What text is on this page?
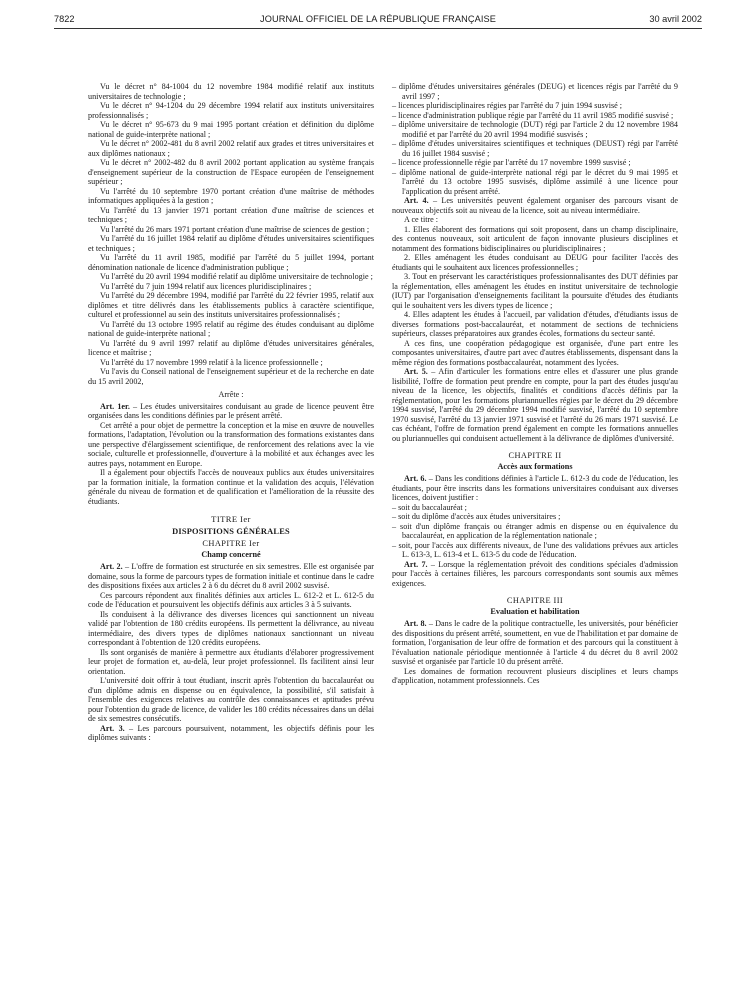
7822	JOURNAL OFFICIEL DE LA RÉPUBLIQUE FRANÇAISE	30 avril 2002

Vu le décret n° 84-1004 du 12 novembre 1984 modifié relatif aux instituts universitaires de technologie ;

Vu le décret n° 94-1204 du 29 décembre 1994 relatif aux instituts universitaires professionnalisés ;

Vu le décret n° 95-673 du 9 mai 1995 portant création et définition du diplôme national de guide-interprète national ;

Vu le décret n° 2002-481 du 8 avril 2002 relatif aux grades et titres universitaires et aux diplômes nationaux ;

Vu le décret n° 2002-482 du 8 avril 2002 portant application au système français d'enseignement supérieur de la construction de l'Espace européen de l'enseignement supérieur ;

Vu l'arrêté du 10 septembre 1970 portant création d'une maîtrise de méthodes informatiques appliquées à la gestion ;

Vu l'arrêté du 13 janvier 1971 portant création d'une maîtrise de sciences et techniques ;

Vu l'arrêté du 26 mars 1971 portant création d'une maîtrise de sciences de gestion ;

Vu l'arrêté du 16 juillet 1984 relatif au diplôme d'études universitaires scientifiques et techniques ;

Vu l'arrêté du 11 avril 1985, modifié par l'arrêté du 5 juillet 1994, portant dénomination nationale de licence d'administration publique ;

Vu l'arrêté du 20 avril 1994 modifié relatif au diplôme universitaire de technologie ;

Vu l'arrêté du 7 juin 1994 relatif aux licences pluridisciplinaires ;

Vu l'arrêté du 29 décembre 1994, modifié par l'arrêté du 22 février 1995, relatif aux diplômes et titre délivrés dans les établissements publics à caractère scientifique, culturel et professionnel au sein des instituts universitaires professionnalisés ;

Vu l'arrêté du 13 octobre 1995 relatif au régime des études conduisant au diplôme national de guide-interprète national ;

Vu l'arrêté du 9 avril 1997 relatif au diplôme d'études universitaires générales, licence et maîtrise ;

Vu l'arrêté du 17 novembre 1999 relatif à la licence professionnelle ;

Vu l'avis du Conseil national de l'enseignement supérieur et de la recherche en date du 15 avril 2002,

Arrête :

Art. 1er. – Les études universitaires conduisant au grade de licence peuvent être organisées dans les conditions définies par le présent arrêté.

Cet arrêté a pour objet de permettre la conception et la mise en œuvre de nouvelles formations, l'adaptation, l'évolution ou la transformation des formations existantes dans une perspective d'élargissement scientifique, de renforcement des relations avec la vie sociale, culturelle et professionnelle, d'ouverture à la mobilité et aux échanges avec les autres pays, notamment en Europe.

Il a également pour objectifs l'accès de nouveaux publics aux études universitaires par la formation initiale, la formation continue et la validation des acquis, l'élévation générale du niveau de formation et de qualification et l'amélioration de la réussite des étudiants.

TITRE Ier
DISPOSITIONS GÉNÉRALES
CHAPITRE Ier
Champ concerné

Art. 2. – L'offre de formation est structurée en six semestres. Elle est organisée par domaine, sous la forme de parcours types de formation initiale et continue dans le cadre des dispositions fixées aux articles 2 à 6 du décret du 8 avril 2002 susvisé.

Ces parcours répondent aux finalités définies aux articles L. 612-2 et L. 612-5 du code de l'éducation et poursuivent les objectifs définis aux articles 3 à 5 suivants.

Ils conduisent à la délivrance des diverses licences qui sanctionnent un niveau validé par l'obtention de 180 crédits européens. Ils permettent la délivrance, au niveau intermédiaire, des divers types de diplômes nationaux sanctionnant un niveau correspondant à l'obtention de 120 crédits européens.

Ils sont organisés de manière à permettre aux étudiants d'élaborer progressivement leur projet de formation et, au-delà, leur projet professionnel. Ils facilitent ainsi leur orientation.

L'université doit offrir à tout étudiant, inscrit après l'obtention du baccalauréat ou d'un diplôme admis en dispense ou en équivalence, la possibilité, s'il satisfait à l'ensemble des exigences relatives au contrôle des connaissances et aptitudes prévu pour l'obtention du grade de licence, de valider les 180 crédits nécessaires dans un délai de six semestres consécutifs.

Art. 3. – Les parcours poursuivent, notamment, les objectifs définis pour les diplômes suivants :

– diplôme d'études universitaires générales (DEUG) et licences régis par l'arrêté du 9 avril 1997 ;
– licences pluridisciplinaires régies par l'arrêté du 7 juin 1994 susvisé ;
– licence d'administration publique régie par l'arrêté du 11 avril 1985 modifié susvisé ;
– diplôme universitaire de technologie (DUT) régi par l'article 2 du 12 novembre 1984 modifié et par l'arrêté du 20 avril 1994 modifié susvisés ;
– diplôme d'études universitaires scientifiques et techniques (DEUST) régi par l'arrêté du 16 juillet 1984 susvisé ;
– licence professionnelle régie par l'arrêté du 17 novembre 1999 susvisé ;
– diplôme national de guide-interprète national régi par le décret du 9 mai 1995 et l'arrêté du 13 octobre 1995 susvisés, diplôme assimilé à une licence pour l'application du présent arrêté.

Art. 4. – Les universités peuvent également organiser des parcours visant de nouveaux objectifs soit au niveau de la licence, soit au niveau intermédiaire.

A ce titre :

1. Elles élaborent des formations qui soit proposent, dans un champ disciplinaire, des contenus nouveaux, soit articulent de façon innovante plusieurs disciplines et notamment des formations bidisciplinaires ou pluridisciplinaires ;

2. Elles aménagent les études conduisant au DEUG pour faciliter l'accès des étudiants qui le souhaitent aux licences professionnelles ;

3. Tout en préservant les caractéristiques professionnalisantes des DUT définies par la réglementation, elles aménagent les études en institut universitaire de technologie (IUT) par l'organisation d'enseignements facilitant la poursuite d'études des étudiants qui le souhaitent vers les divers types de licence ;

4. Elles adaptent les études à l'accueil, par validation d'études, d'étudiants issus de diverses formations post-baccalauréat, et notamment de sections de techniciens supérieurs, classes préparatoires aux grandes écoles, formations du secteur santé.

A ces fins, une coopération pédagogique est organisée, d'une part entre les composantes universitaires, d'autre part avec d'autres établissements, dispensant dans la même région des formations postbaccalauréat, notamment des lycées.

Art. 5. – Afin d'articuler les formations entre elles et d'assurer une plus grande lisibilité, l'offre de formation peut prendre en compte, pour la part des études jusqu'au niveau de la licence, les objectifs, finalités et conditions d'accès définis par la réglementation, pour les formations pluriannuelles régies par le décret du 29 décembre 1994 susvisé, l'arrêté du 29 décembre 1994 modifié susvisé, l'arrêté du 10 septembre 1970 susvisé, l'arrêté du 13 janvier 1971 susvisé et l'arrêté du 26 mars 1971 susvisé. Le cas échéant, l'offre de formation prend également en compte les formations annuelles ou pluriannuelles qui conduisent actuellement à la délivrance de diplômes d'université.

CHAPITRE II
Accès aux formations

Art. 6. – Dans les conditions définies à l'article L. 612-3 du code de l'éducation, les étudiants, pour être inscrits dans les formations universitaires conduisant aux diverses licences, doivent justifier :

– soit du baccalauréat ;
– soit du diplôme d'accès aux études universitaires ;
– soit d'un diplôme français ou étranger admis en dispense ou en équivalence du baccalauréat, en application de la réglementation nationale ;
– soit, pour l'accès aux différents niveaux, de l'une des validations prévues aux articles L. 613-3, L. 613-4 et L. 613-5 du code de l'éducation.

Art. 7. – Lorsque la réglementation prévoit des conditions spéciales d'admission pour l'accès à certaines filières, les parcours correspondants sont soumis aux mêmes exigences.

CHAPITRE III
Evaluation et habilitation

Art. 8. – Dans le cadre de la politique contractuelle, les universités, pour bénéficier des dispositions du présent arrêté, soumettent, en vue de l'habilitation et par domaine de formation, l'organisation de leur offre de formation et des parcours qui la constituent à l'évaluation nationale périodique mentionnée à l'article 4 du décret du 8 avril 2002 susvisé et organisée par l'article 10 du présent arrêté.

Les domaines de formation recouvrent plusieurs disciplines et leurs champs d'application, notamment professionnels. Ces
